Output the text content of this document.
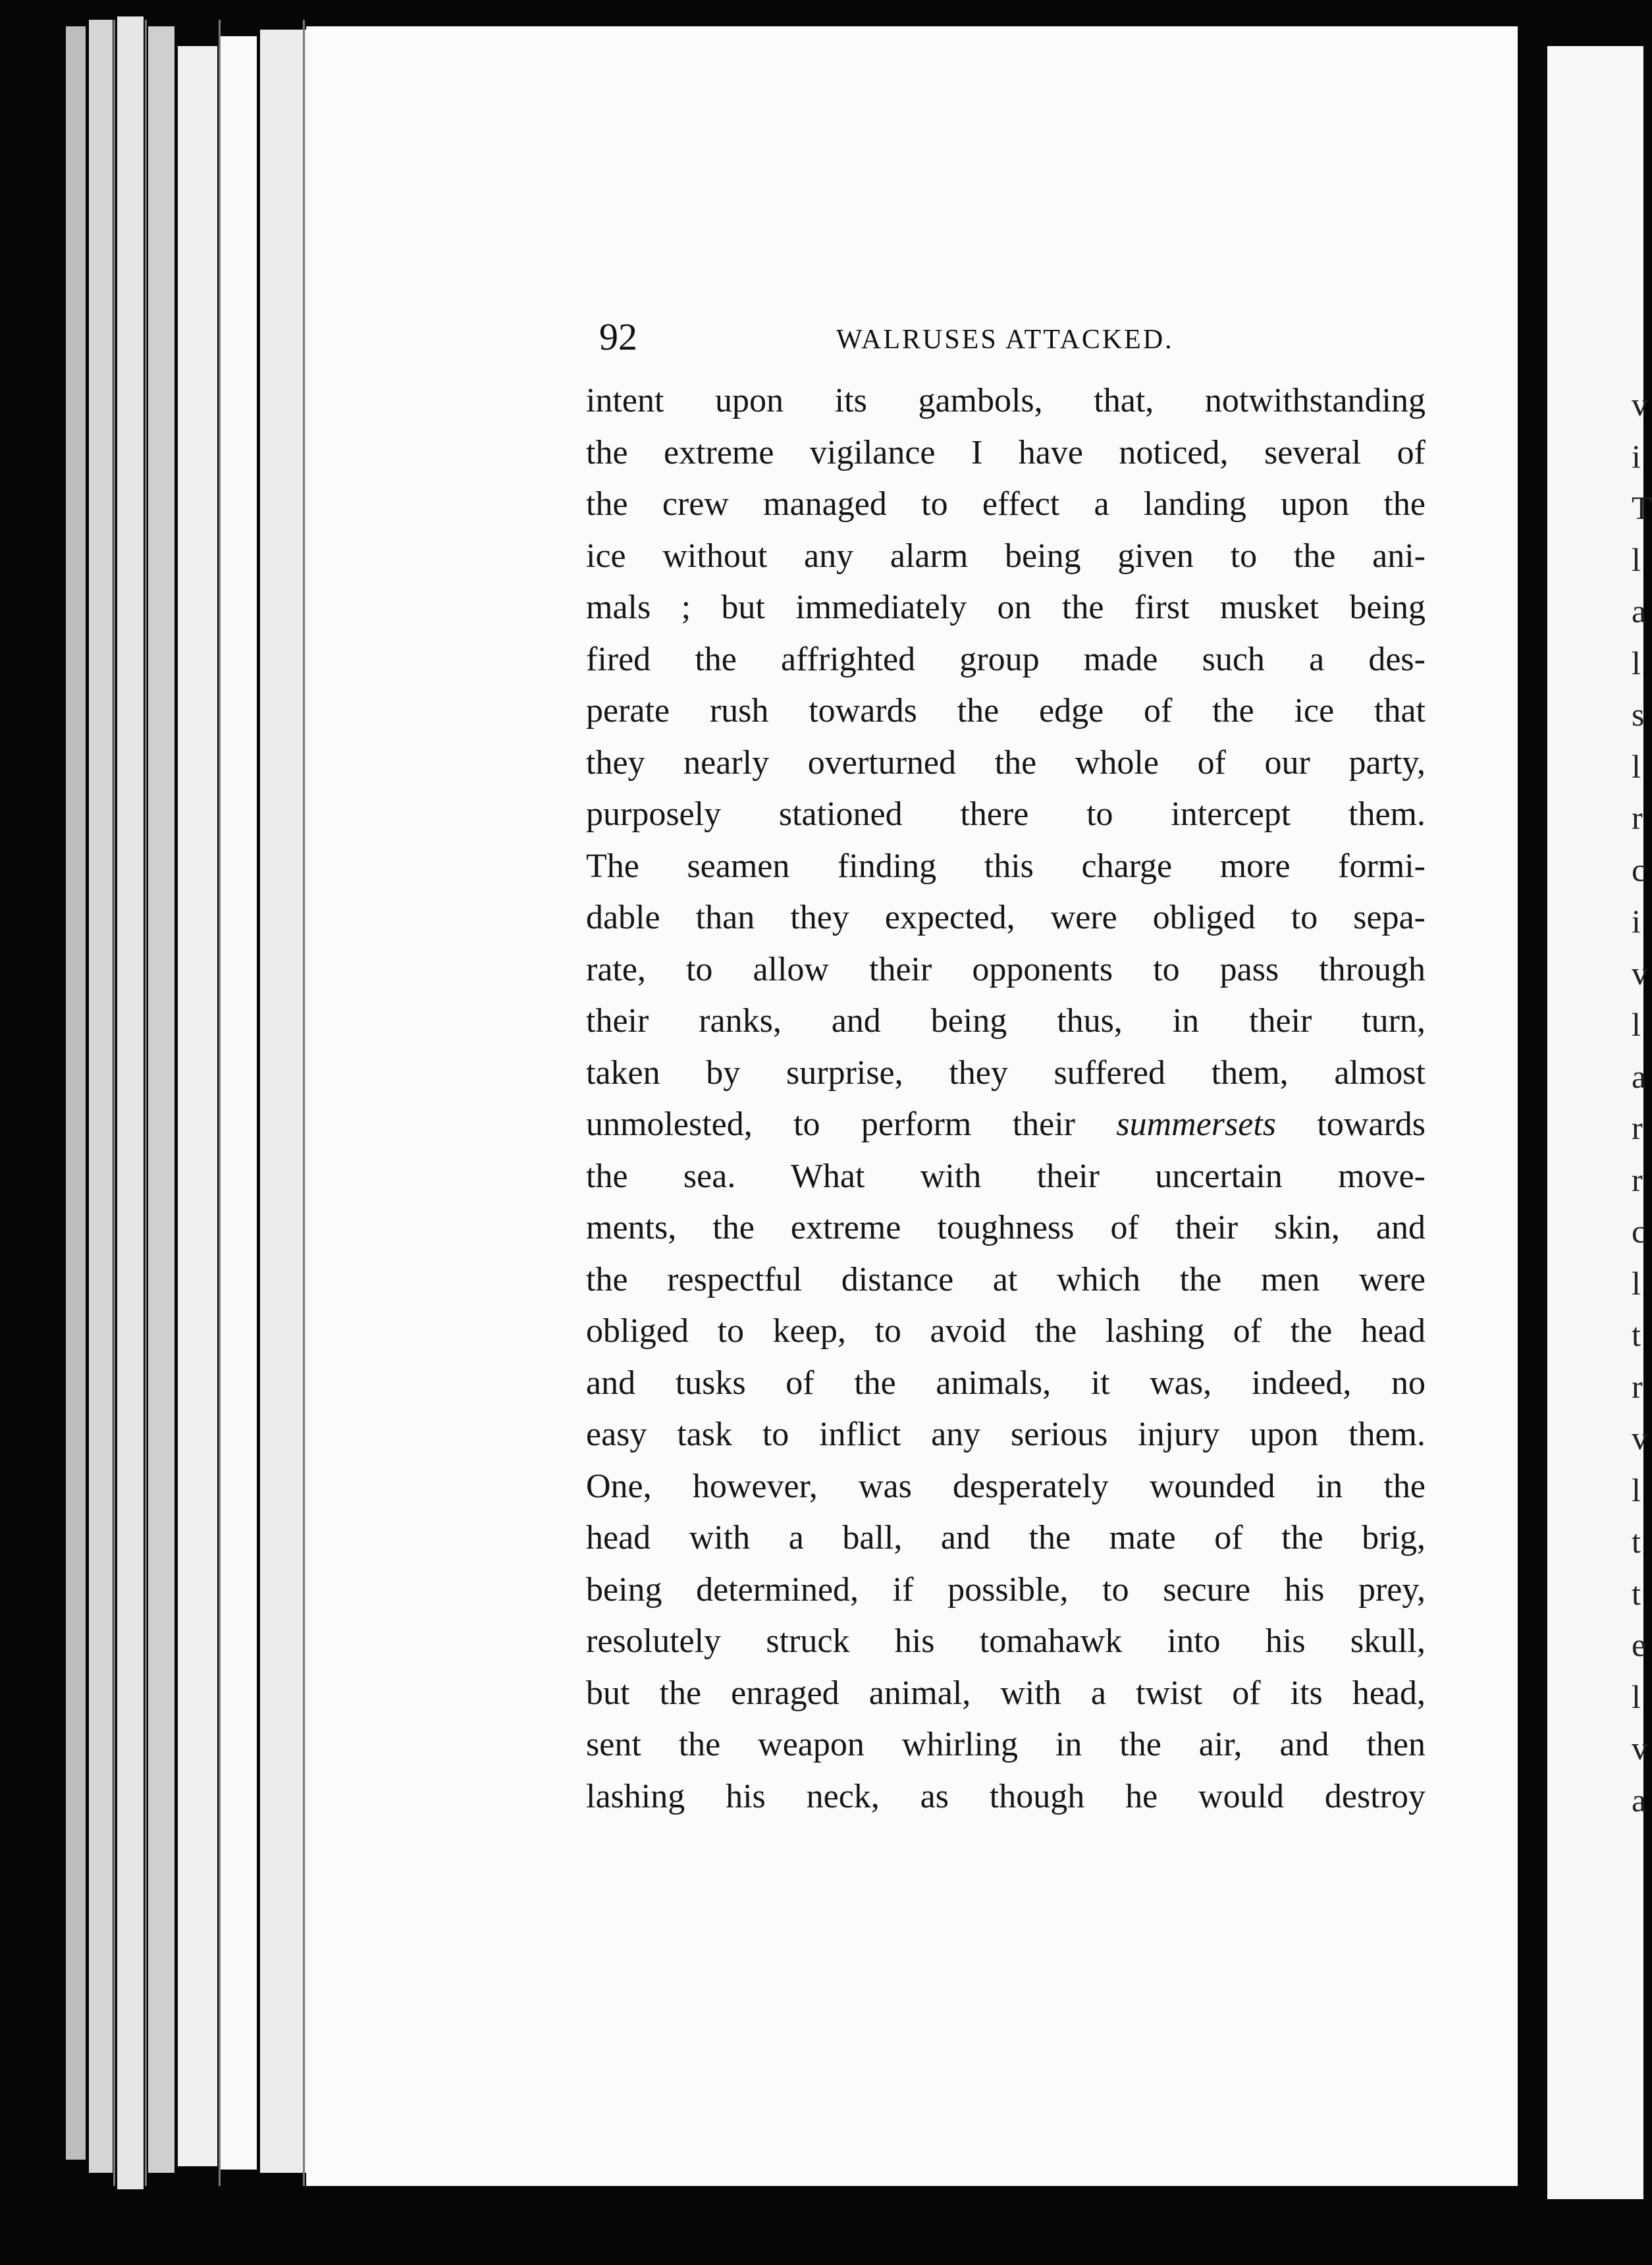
v
i
T
l
a
l
s
l
r
c
i
v
l
a
r
r
c
l
t
r
v
l
t
t
e
l
v
a
92	WALRUSES ATTACKED.
intent upon its gambols, that, notwithstanding
the extreme vigilance I have noticed, several of
the crew managed to effect a landing upon the
ice without any alarm being given to the ani-
mals ; but immediately on the first musket being
fired the affrighted group made such a des-
perate rush towards the edge of the ice that
they nearly overturned the whole of our party,
purposely stationed there to intercept them.
The seamen finding this charge more formi-
dable than they expected, were obliged to sepa-
rate, to allow their opponents to pass through
their ranks, and being thus, in their turn,
taken by surprise, they suffered them, almost
unmolested, to perform their summersets towards
the sea. What with their uncertain move-
ments, the extreme toughness of their skin, and
the respectful distance at which the men were
obliged to keep, to avoid the lashing of the head
and tusks of the animals, it was, indeed, no
easy task to inflict any serious injury upon them.
One, however, was desperately wounded in the
head with a ball, and the mate of the brig,
being determined, if possible, to secure his prey,
resolutely struck his tomahawk into his skull,
but the enraged animal, with a twist of its head,
sent the weapon whirling in the air, and then
lashing his neck, as though he would destroy
